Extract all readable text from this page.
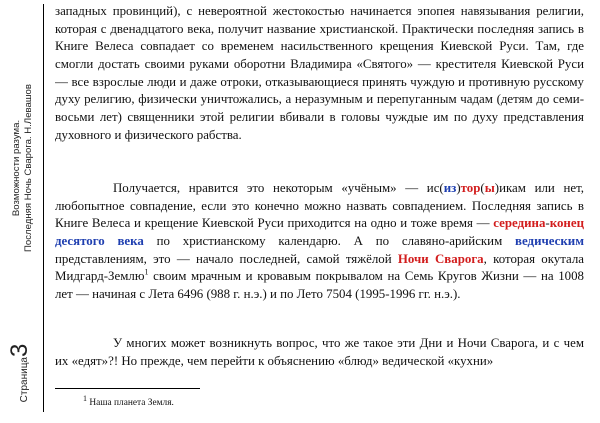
Возможности разума. Последняя Ночь Сварога. Н.Левашов
Страница3

западных провинций), с невероятной жестокостью начинается эпопея навязывания религии, которая с двенадцатого века, получит название христианской. Практически последняя запись в Книге Велеса совпадает со временем насильственного крещения Киевской Руси. Там, где смогли достать своими руками оборотни Владимира «Святого» — крестителя Киевской Руси — все взрослые люди и даже отроки, отказывающиеся принять чуждую и противную русскому духу религию, физически уничтожались, а неразумным и перепуганным чадам (детям до семи-восьми лет) священники этой религии вбивали в головы чуждые им по духу представления духовного и физического рабства.

Получается, нравится это некоторым «учёным» — ис(из)тор(ы)икам или нет, любопытное совпадение, если это конечно можно назвать совпадением. Последняя запись в Книге Велеса и крещение Киевской Руси приходится на одно и тоже время — середина-конец десятого века по христианскому календарю. А по славяно-арийским ведическим представлениям, это — начало последней, самой тяжёлой Ночи Сварога, которая окутала Мидгард-Землю$^1$ своим мрачным и кровавым покрывалом на Семь Кругов Жизни — на 1008 лет — начиная с Лета 6496 (988 г. н.э.) и по Лето 7504 (1995-1996 гг. н.э.).

У многих может возникнуть вопрос, что же такое эти Дни и Ночи Сварога, и с чем их «едят»?! Но прежде, чем перейти к объяснению «блюд» ведической «кухни»

1 Наша планета Земля.
